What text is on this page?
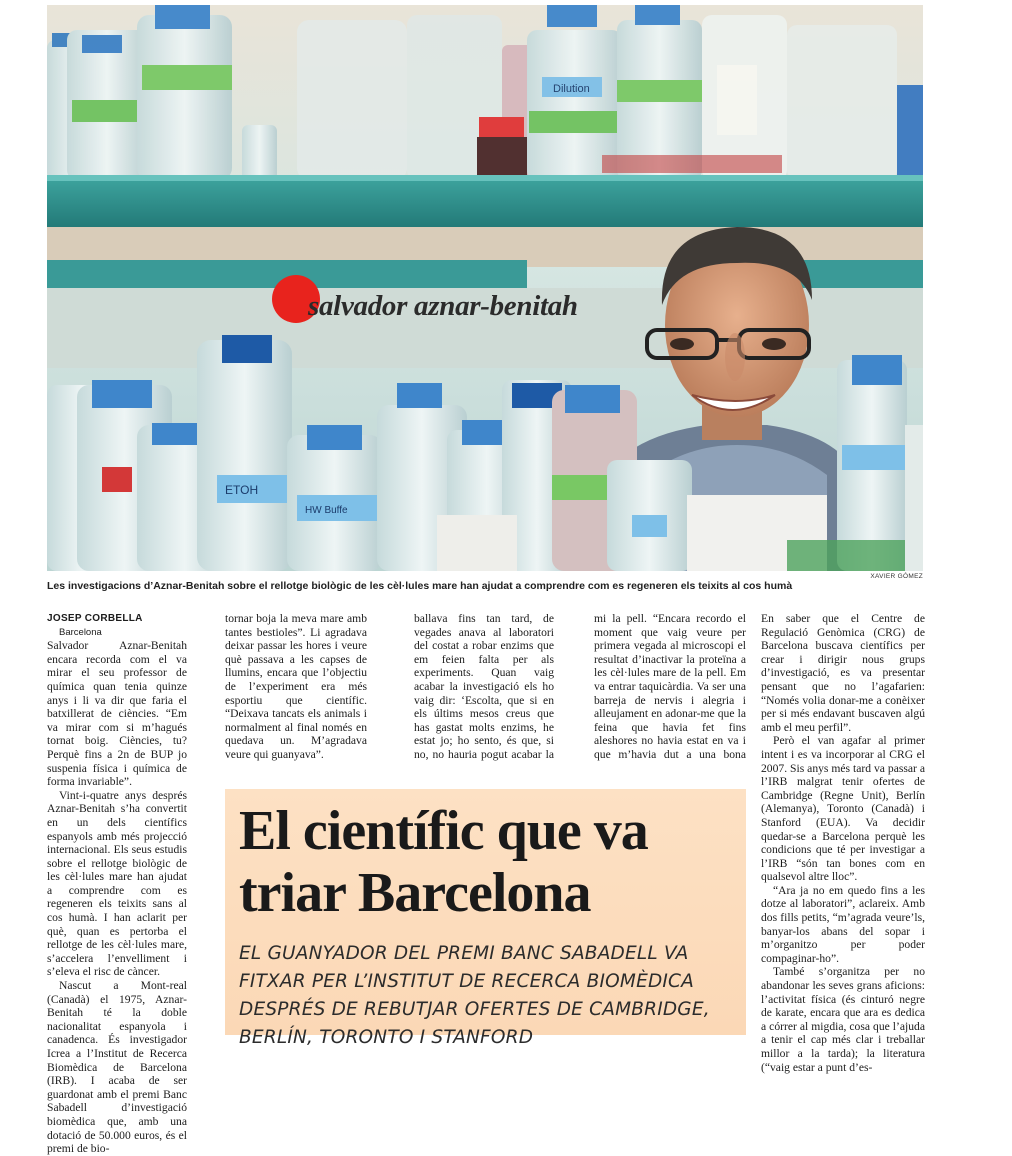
Dilution
ETOH
HW Buffe
salvador aznar-benitah
XAVIER GÓMEZ
Les investigacions d’Aznar-Benitah sobre el rellotge biològic de les cèl·lules mare han ajudat a comprendre com es regeneren els teixits al cos humà

JOSEP CORBELLA

Barcelona

Salvador Aznar-Benitah encara recorda com el va mirar el seu professor de química quan tenia quinze anys i li va dir que faria el batxillerat de ciències. “Em va mirar com si m’hagués tornat boig. Ciències, tu? Perquè fins a 2n de BUP jo suspenia física i química de forma invariable”.

Vint-i-quatre anys després Aznar-Benitah s’ha convertit en un dels científics espanyols amb més projecció internacional. Els seus estudis sobre el rellotge biològic de les cèl·lules mare han ajudat a comprendre com es regeneren els teixits sans al cos humà. I han aclarit per què, quan es pertorba el rellotge de les cèl·lules mare, s’accelera l’envelliment i s’eleva el risc de càncer.

Nascut a Mont-real (Canadà) el 1975, Aznar-Benitah té la doble nacionalitat espanyola i canadenca. És investigador Icrea a l’Institut de Recerca Biomèdica de Barcelona (IRB). I acaba de ser guardonat amb el premi Banc Sabadell d’investigació biomèdica que, amb una dotació de 50.000 euros, és el premi de bio-

tornar boja la meva mare amb tantes bestioles”. Li agradava deixar passar les hores i veure què passava a les capses de llumins, encara que l’objectiu de l’experiment era més esportiu que científic. “Deixava tancats els animals i normalment al final només en quedava un. M’agradava veure qui guanyava”.

ballava fins tan tard, de vegades anava al laboratori del costat a robar enzims que em feien falta per als experiments. Quan vaig acabar la investigació els ho vaig dir: ‘Escolta, que si en els últims mesos creus que has gastat molts enzims, he estat jo; ho sento, és que, si no, no hauria pogut acabar la

mi la pell. “Encara recordo el moment que vaig veure per primera vegada al microscopi el resultat d’inactivar la proteïna a les cèl·lules mare de la pell. Em va entrar taquicàrdia. Va ser una barreja de nervis i alegria i alleujament en adonar-me que la feina que havia fet fins aleshores no havia estat en va i que m’havia dut a una bona

En saber que el Centre de Regulació Genòmica (CRG) de Barcelona buscava científics per crear i dirigir nous grups d’investigació, es va presentar pensant que no l’agafarien: “Només volia donar-me a conèixer per si més endavant buscaven algú amb el meu perfil”.

Però el van agafar al primer intent i es va incorporar al CRG el 2007. Sis anys més tard va passar a l’IRB malgrat tenir ofertes de Cambridge (Regne Unit), Berlín (Alemanya), Toronto (Canadà) i Stanford (EUA). Va decidir quedar-se a Barcelona perquè les condicions que té per investigar a l’IRB “són tan bones com en qualsevol altre lloc”.

“Ara ja no em quedo fins a les dotze al laboratori”, aclareix. Amb dos fills petits, “m’agrada veure’ls, banyar-los abans del sopar i m’organitzo per poder compaginar-ho”.

També s’organitza per no abandonar les seves grans aficions: l’activitat física (és cinturó negre de karate, encara que ara es dedica a córrer al migdia, cosa que l’ajuda a tenir el cap més clar i treballar millor a la tarda); la literatura (“vaig estar a punt d’es-

El científic que va
triar Barcelona
EL GUANYADOR DEL PREMI BANC SABADELL VA FITXAR PER L’INSTITUT DE RECERCA BIOMÈDICA DESPRÉS DE REBUTJAR OFERTES DE CAMBRIDGE, BERLÍN, TORONTO I STANFORD
